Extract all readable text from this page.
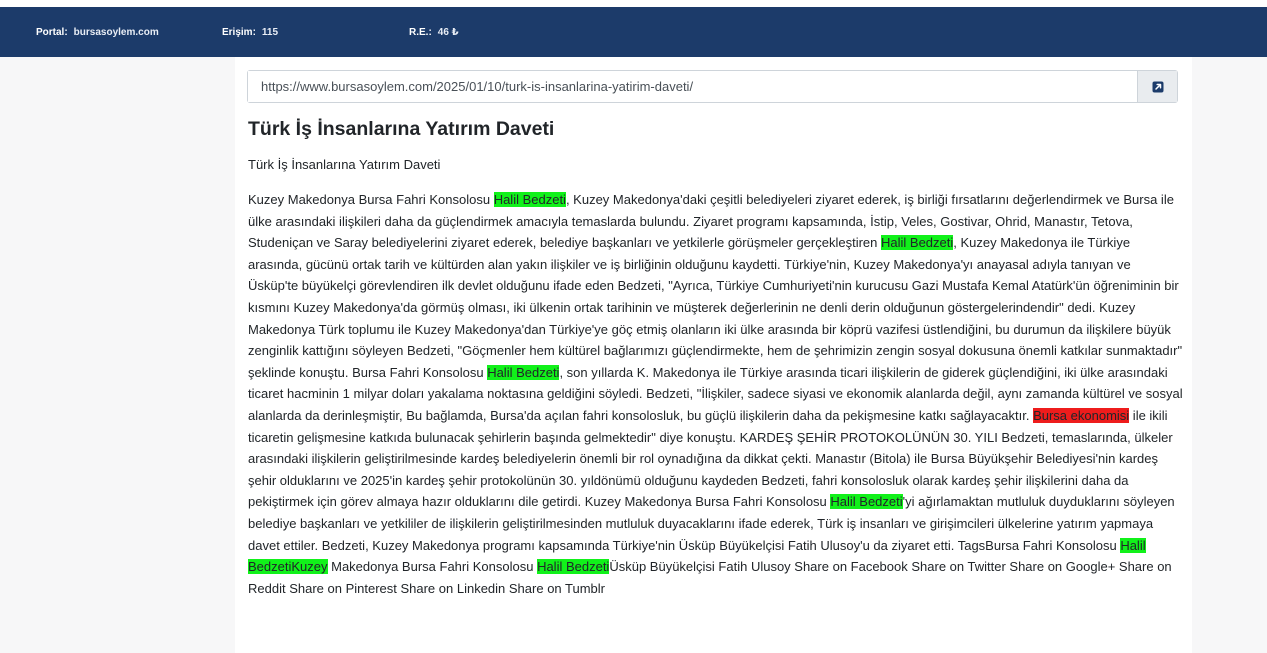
Portal: bursasoylem.com	Erişim: 115	R.E.: 46 ₺
https://www.bursasoylem.com/2025/01/10/turk-is-insanlarina-yatirim-daveti/
Türk İş İnsanlarına Yatırım Daveti

Türk İş İnsanlarına Yatırım Daveti

Kuzey Makedonya Bursa Fahri Konsolosu Halil Bedzeti, Kuzey Makedonya'daki çeşitli belediyeleri ziyaret ederek, iş birliği fırsatlarını değerlendirmek ve Bursa ile ülke arasındaki ilişkileri daha da güçlendirmek amacıyla temaslarda bulundu. Ziyaret programı kapsamında, İstip, Veles, Gostivar, Ohrid, Manastır, Tetova, Studeniçan ve Saray belediyelerini ziyaret ederek, belediye başkanları ve yetkilerle görüşmeler gerçekleştiren Halil Bedzeti, Kuzey Makedonya ile Türkiye arasında, gücünü ortak tarih ve kültürden alan yakın ilişkiler ve iş birliğinin olduğunu kaydetti. Türkiye'nin, Kuzey Makedonya'yı anayasal adıyla tanıyan ve Üsküp'te büyükelçi görevlendiren ilk devlet olduğunu ifade eden Bedzeti, "Ayrıca, Türkiye Cumhuriyeti'nin kurucusu Gazi Mustafa Kemal Atatürk'ün öğreniminin bir kısmını Kuzey Makedonya'da görmüş olması, iki ülkenin ortak tarihinin ve müşterek değerlerinin ne denli derin olduğunun göstergelerindendir" dedi. Kuzey Makedonya Türk toplumu ile Kuzey Makedonya'dan Türkiye'ye göç etmiş olanların iki ülke arasında bir köprü vazifesi üstlendiğini, bu durumun da ilişkilere büyük zenginlik kattığını söyleyen Bedzeti, "Göçmenler hem kültürel bağlarımızı güçlendirmekte, hem de şehrimizin zengin sosyal dokusuna önemli katkılar sunmaktadır" şeklinde konuştu. Bursa Fahri Konsolosu Halil Bedzeti, son yıllarda K. Makedonya ile Türkiye arasında ticari ilişkilerin de giderek güçlendiğini, iki ülke arasındaki ticaret hacminin 1 milyar doları yakalama noktasına geldiğini söyledi. Bedzeti, "İlişkiler, sadece siyasi ve ekonomik alanlarda değil, aynı zamanda kültürel ve sosyal alanlarda da derinleşmiştir, Bu bağlamda, Bursa'da açılan fahri konsolosluk, bu güçlü ilişkilerin daha da pekişmesine katkı sağlayacaktır. Bursa ekonomisi ile ikili ticaretin gelişmesine katkıda bulunacak şehirlerin başında gelmektedir" diye konuştu. KARDEŞ ŞEHİR PROTOKOLÜNÜN 30. YILI Bedzeti, temaslarında, ülkeler arasındaki ilişkilerin geliştirilmesinde kardeş belediyelerin önemli bir rol oynadığına da dikkat çekti. Manastır (Bitola) ile Bursa Büyükşehir Belediyesi'nin kardeş şehir olduklarını ve 2025'in kardeş şehir protokolünün 30. yıldönümü olduğunu kaydeden Bedzeti, fahri konsolosluk olarak kardeş şehir ilişkilerini daha da pekiştirmek için görev almaya hazır olduklarını dile getirdi. Kuzey Makedonya Bursa Fahri Konsolosu Halil Bedzeti'yi ağırlamaktan mutluluk duyduklarını söyleyen belediye başkanları ve yetkililer de ilişkilerin geliştirilmesinden mutluluk duyacaklarını ifade ederek, Türk iş insanları ve girişimcileri ülkelerine yatırım yapmaya davet ettiler. Bedzeti, Kuzey Makedonya programı kapsamında Türkiye'nin Üsküp Büyükelçisi Fatih Ulusoy'u da ziyaret etti. TagsBursa Fahri Konsolosu Halil BedzetiKuzey Makedonya Bursa Fahri Konsolosu Halil BedzetiÜsküp Büyükelçisi Fatih Ulusoy Share on Facebook Share on Twitter Share on Google+ Share on Reddit Share on Pinterest Share on Linkedin Share on Tumblr
